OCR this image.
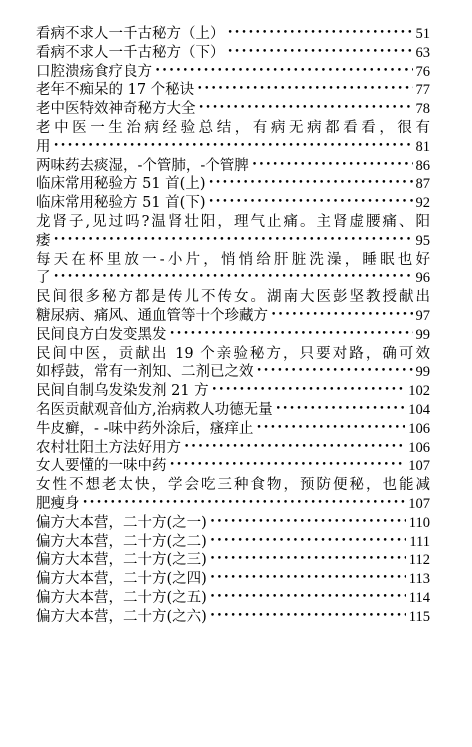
看病不求人一千古秘方（上） •••••	51
看病不求人一千古秘方（下） •••••	63
口腔溃疡食疗良方 •••••	76
老年不痴呆的 17 个秘诀 •••••	77
老中医特效神奇秘方大全 •••••	78
老中医一生治病经验总结，有病无病都看看，很有
用 •••••	81
两味药去痰湿，-个管肺，-个管脾 •••••	86
临床常用秘验方 51 首(上) •••••	87
临床常用秘验方 51 首(下) •••••	92
龙肾子,见过吗?温肾壮阳，理气止痛。主肾虚腰痛、阳
痿 •••••	95
每天在杯里放一-小片，悄悄给肝脏洗澡，睡眠也好
了 •••••	96
民间很多秘方都是传儿不传女。湖南大医彭坚教授献出
糖尿病、痛风、通血管等十个珍藏方 •••••	97
民间良方白发变黑发 •••••	99
民间中医，贡献出 19 个亲验秘方，只要对路，确可效
如桴鼓，常有一剂知、二剂已之效 •••••	99
民间自制乌发染发剂 21 方 •••••	102
名医贡献观音仙方,治病救人功德无量 •••••	104
牛皮癣，- -味中药外涂后，瘙痒止 •••••	106
农村壮阳土方法好用方 •••••	106
女人要懂的一味中药 •••••	107
女性不想老太快，学会吃三种食物，预防便秘，也能减
肥瘦身 •••••	107
偏方大本营，二十方(之一) •••••	110
偏方大本营，二十方(之二) •••••	111
偏方大本营，二十方(之三) •••••	112
偏方大本营，二十方(之四) •••••	113
偏方大本营，二十方(之五) •••••	114
偏方大本营，二十方(之六) •••••	115
